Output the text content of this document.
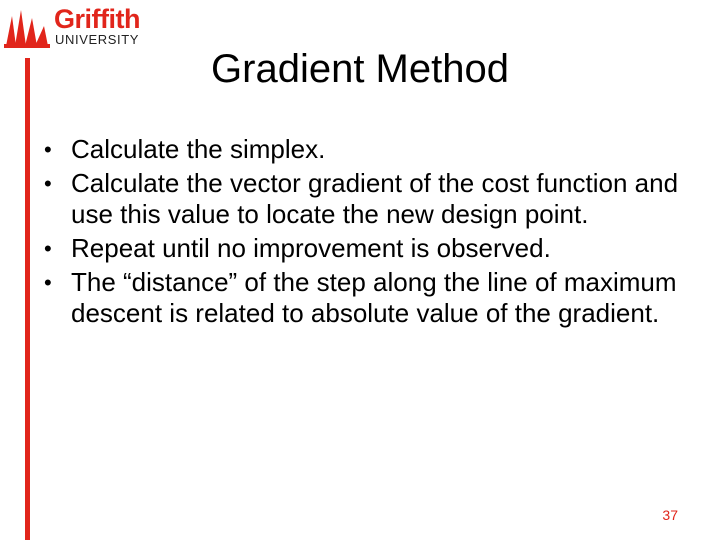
Griffith
UNIVERSITY
Gradient Method
• Calculate the simplex.
• Calculate the vector gradient of the cost function and use this value to locate the new design point.
• Repeat until no improvement is observed.
• The “distance” of the step along the line of maximum descent is related to absolute value of the gradient.
37
